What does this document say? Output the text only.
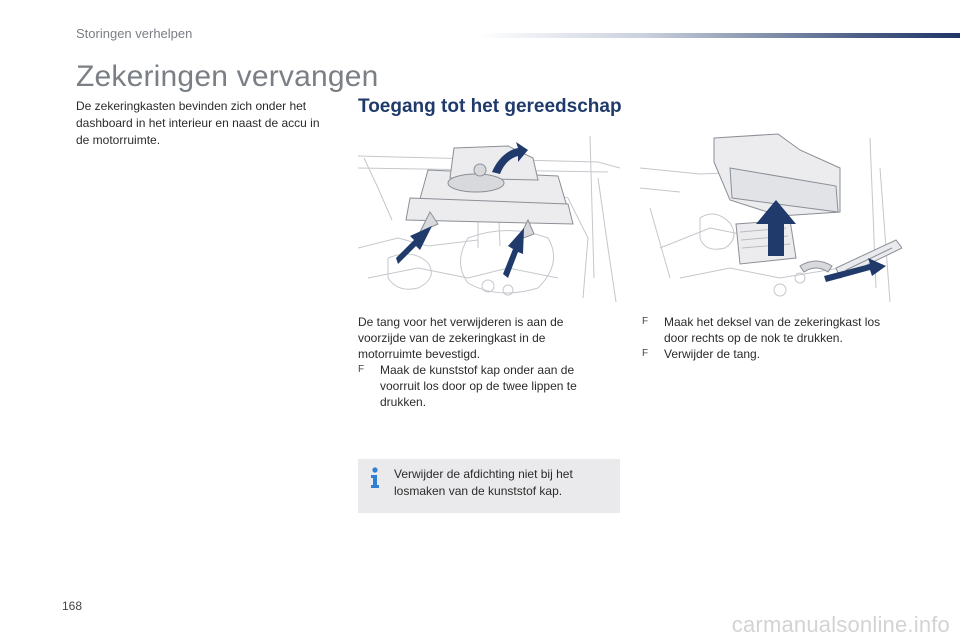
Storingen verhelpen
Zekeringen vervangen

De zekeringkasten bevinden zich onder het dashboard in het interieur en naast de accu in de motorruimte.

Toegang tot het gereedschap
De tang voor het verwijderen is aan de voorzijde van de zekeringkast in de motorruimte bevestigd.
F Maak de kunststof kap onder aan de voorruit los door op de twee lippen te drukken.
F Maak het deksel van de zekeringkast los door rechts op de nok te drukken.
F Verwijder de tang.
Verwijder de afdichting niet bij het losmaken van de kunststof kap.
168
carmanualsonline.info
